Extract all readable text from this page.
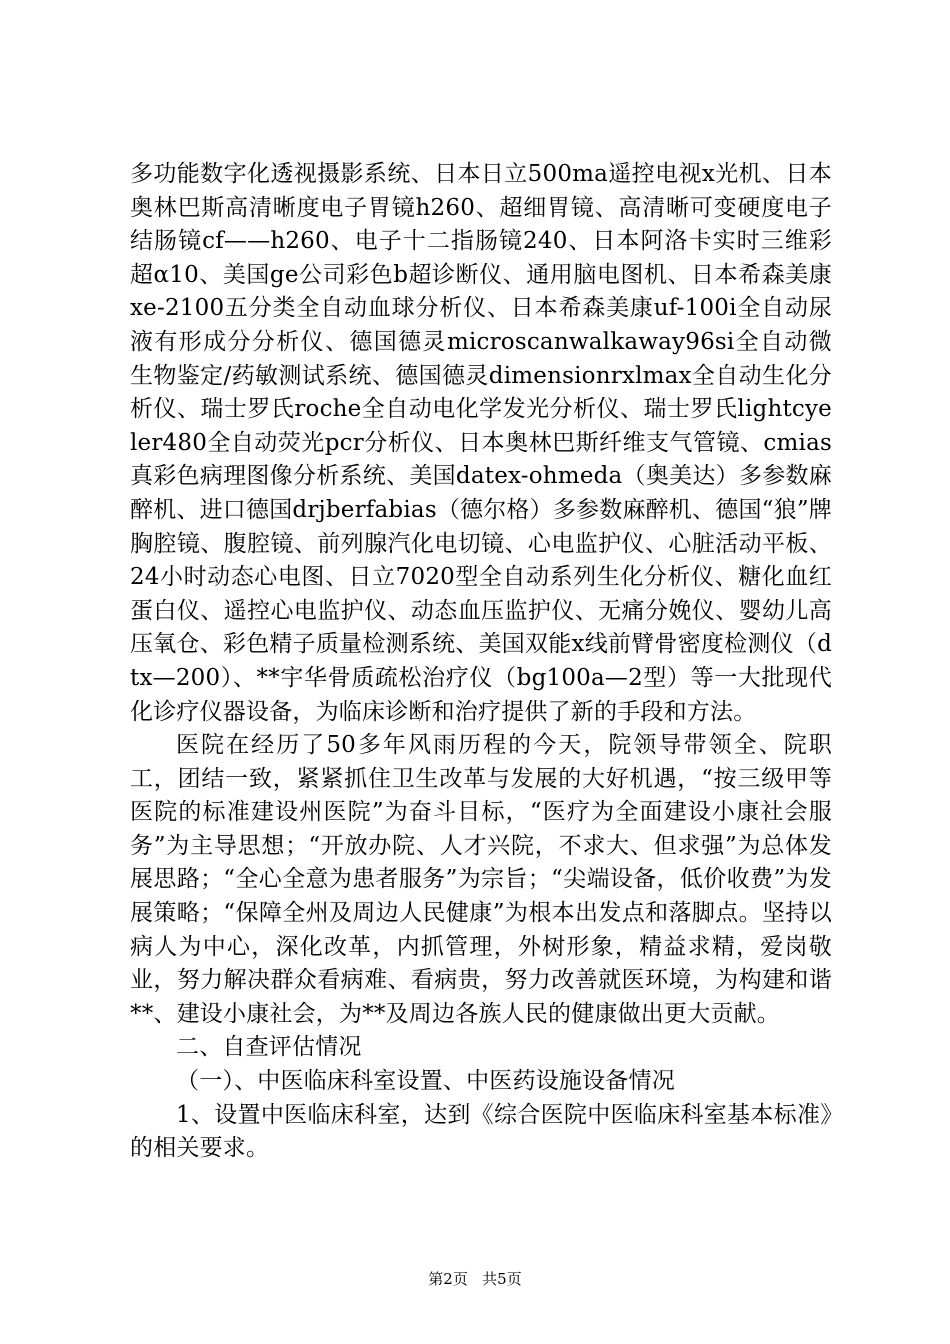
多功能数字化透视摄影系统、日本日立500ma遥控电视x光机、日本奥林巴斯高清晰度电子胃镜h260、超细胃镜、高清晰可变硬度电子结肠镜cf——h260、电子十二指肠镜240、日本阿洛卡实时三维彩超α10、美国ge公司彩色b超诊断仪、通用脑电图机、日本希森美康xe-2100五分类全自动血球分析仪、日本希森美康uf-100i全自动尿液有形成分分析仪、德国德灵microscanwalkaway96si全自动微生物鉴定/药敏测试系统、德国德灵dimensionrxlmax全自动生化分析仪、瑞士罗氏roche全自动电化学发光分析仪、瑞士罗氏lightcyeler480全自动荧光pcr分析仪、日本奥林巴斯纤维支气管镜、cmias真彩色病理图像分析系统、美国datex-ohmeda（奥美达）多参数麻醉机、进口德国drjberfabias（德尔格）多参数麻醉机、德国“狼”牌胸腔镜、腹腔镜、前列腺汽化电切镜、心电监护仪、心脏活动平板、24小时动态心电图、日立7020型全自动系列生化分析仪、糖化血红蛋白仪、遥控心电监护仪、动态血压监护仪、无痛分娩仪、婴幼儿高压氧仓、彩色精子质量检测系统、美国双能x线前臂骨密度检测仪（dtx—200）、**宇华骨质疏松治疗仪（bg100a—2型）等一大批现代化诊疗仪器设备，为临床诊断和治疗提供了新的手段和方法。

医院在经历了50多年风雨历程的今天，院领导带领全、院职工，团结一致，紧紧抓住卫生改革与发展的大好机遇，“按三级甲等医院的标准建设州医院”为奋斗目标，“医疗为全面建设小康社会服务”为主导思想；“开放办院、人才兴院，不求大、但求强”为总体发展思路；“全心全意为患者服务”为宗旨；“尖端设备，低价收费”为发展策略；“保障全州及周边人民健康”为根本出发点和落脚点。坚持以病人为中心，深化改革，内抓管理，外树形象，精益求精，爱岗敬业，努力解决群众看病难、看病贵，努力改善就医环境，为构建和谐**、建设小康社会，为**及周边各族人民的健康做出更大贡献。

二、自查评估情况

（一）、中医临床科室设置、中医药设施设备情况

1、设置中医临床科室，达到《综合医院中医临床科室基本标准》的相关要求。

第2页 共5页
